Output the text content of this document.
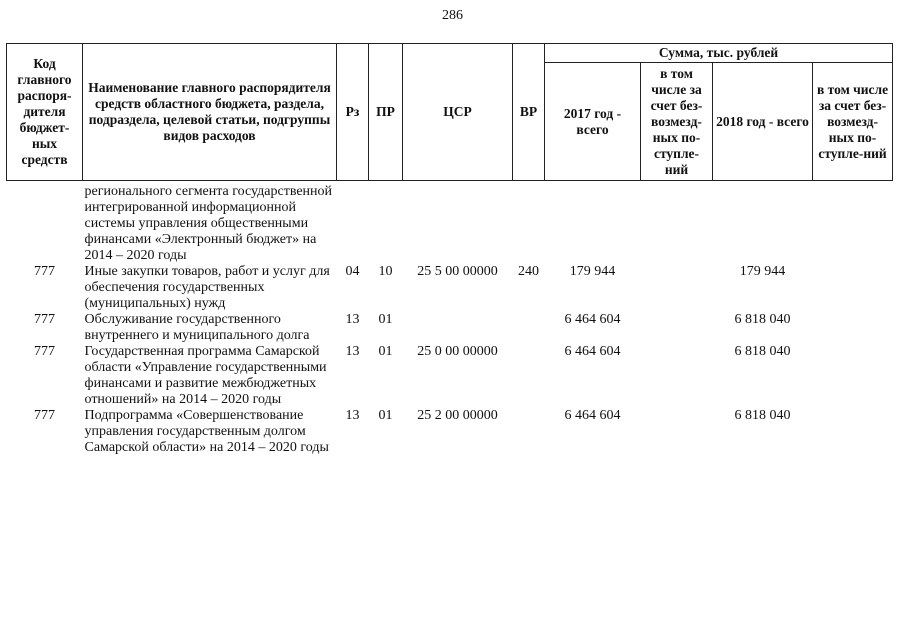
286
Код главного распоря-дителя бюджет-ных средств	Наименование главного распорядителя средств областного бюджета, раздела, подраздела, целевой статьи, подгруппы видов расходов	Рз	ПР	ЦСР	ВР	Сумма, тыс. рублей			
						2017 год - всего	в том числе за счет без-возмезд-ных по-ступле-ний	2018 год - всего	в том числе за счет без-возмезд-ных по-ступле-ний
	регионального сегмента государственной интегрированной информационной системы управления общественными финансами «Электронный бюджет» на 2014 – 2020 годы								
777	Иные закупки товаров, работ и услуг для обеспечения государственных (муниципальных) нужд	04	10	25 5 00 00000	240	179 944		179 944	
777	Обслуживание государственного внутреннего и муниципального долга	13	01			6 464 604		6 818 040	
777	Государственная программа Самарской области «Управление государственными финансами и развитие межбюджетных отношений» на 2014 – 2020 годы	13	01	25 0 00 00000		6 464 604		6 818 040	
777	Подпрограмма «Совершенствование управления государственным долгом Самарской области» на 2014 – 2020 годы	13	01	25 2 00 00000		6 464 604		6 818 040	
